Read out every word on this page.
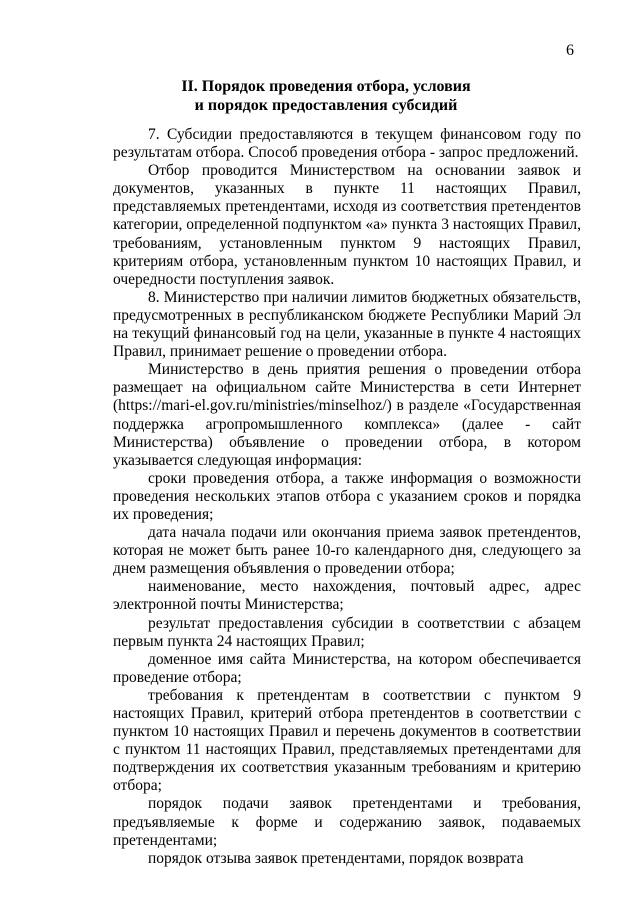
6
II. Порядок проведения отбора, условия
и порядок предоставления субсидий

7. Субсидии предоставляются в текущем финансовом году по результатам отбора. Способ проведения отбора - запрос предложений.

Отбор проводится Министерством на основании заявок и документов, указанных в пункте 11 настоящих Правил, представляемых претендентами, исходя из соответствия претендентов категории, определенной подпунктом «а» пункта 3 настоящих Правил, требованиям, установленным пунктом 9 настоящих Правил, критериям отбора, установленным пунктом 10 настоящих Правил, и очередности поступления заявок.

8. Министерство при наличии лимитов бюджетных обязательств, предусмотренных в республиканском бюджете Республики Марий Эл на текущий финансовый год на цели, указанные в пункте 4 настоящих Правил, принимает решение о проведении отбора.

Министерство в день приятия решения о проведении отбора размещает на официальном сайте Министерства в сети Интернет (https://mari-el.gov.ru/ministries/minselhoz/) в разделе «Государственная поддержка агропромышленного комплекса» (далее - сайт Министерства) объявление о проведении отбора, в котором указывается следующая информация:

сроки проведения отбора, а также информация о возможности проведения нескольких этапов отбора с указанием сроков и порядка их проведения;

дата начала подачи или окончания приема заявок претендентов, которая не может быть ранее 10-го календарного дня, следующего за днем размещения объявления о проведении отбора;

наименование, место нахождения, почтовый адрес, адрес электронной почты Министерства;

результат предоставления субсидии в соответствии с абзацем первым пункта 24 настоящих Правил;

доменное имя сайта Министерства, на котором обеспечивается проведение отбора;

требования к претендентам в соответствии с пунктом 9 настоящих Правил, критерий отбора претендентов в соответствии с пунктом 10 настоящих Правил и перечень документов в соответствии с пунктом 11 настоящих Правил, представляемых претендентами для подтверждения их соответствия указанным требованиям и критерию отбора;

порядок подачи заявок претендентами и требования, предъявляемые к форме и содержанию заявок, подаваемых претендентами;

порядок отзыва заявок претендентами, порядок возврата
